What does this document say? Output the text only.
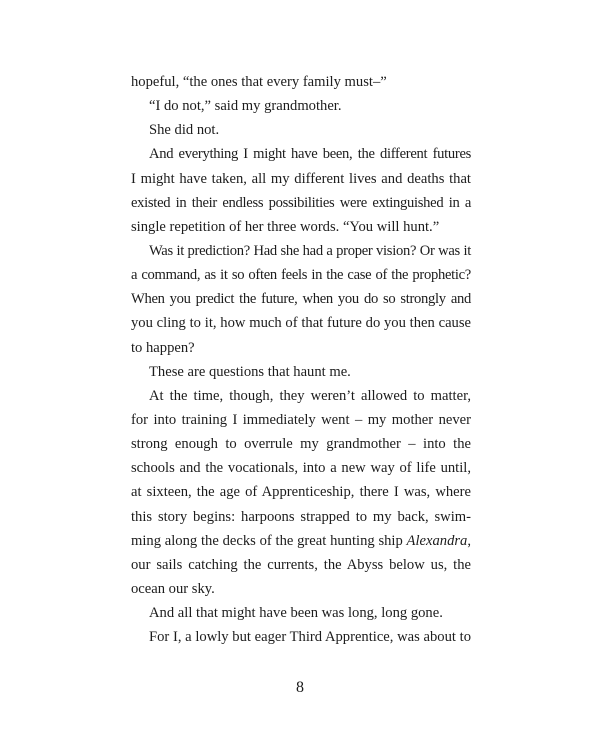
hopeful, “the ones that every family must–”
“I do not,” said my grandmother.
She did not.
And everything I might have been, the different futures
I might have taken, all my different lives and deaths that
existed in their endless possibilities were extinguished in a
single repetition of her three words. “You will hunt.”
Was it prediction? Had she had a proper vision? Or was it
a command, as it so often feels in the case of the prophetic?
When you predict the future, when you do so strongly and
you cling to it, how much of that future do you then cause
to happen?
These are questions that haunt me.
At the time, though, they weren’t allowed to matter,
for into training I immediately went – my mother never
strong enough to overrule my grandmother – into the
schools and the vocationals, into a new way of life until,
at sixteen, the age of Apprenticeship, there I was, where
this story begins: harpoons strapped to my back, swim-
ming along the decks of the great hunting ship Alexandra,
our sails catching the currents, the Abyss below us, the
ocean our sky.
And all that might have been was long, long gone.
For I, a lowly but eager Third Apprentice, was about to
8
